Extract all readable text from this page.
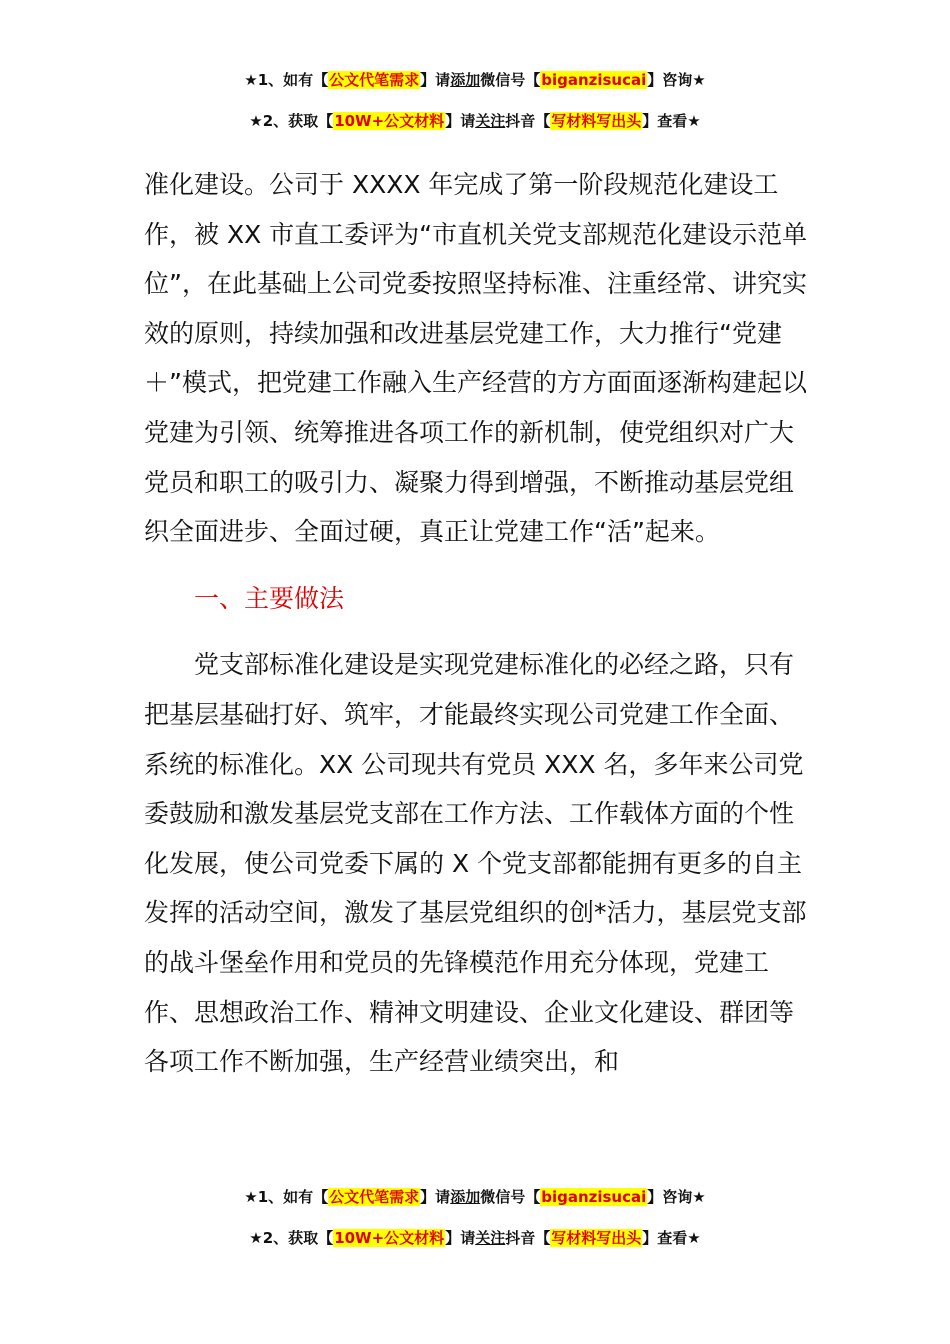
★1、如有【公文代笔需求】请添加微信号【biganzisucai】咨询★
★2、获取【10W+公文材料】请关注抖音【写材料写出头】查看★

准化建设。公司于 XXXX 年完成了第一阶段规范化建设工作，被 XX 市直工委评为“市直机关党支部规范化建设示范单位”，在此基础上公司党委按照坚持标准、注重经常、讲究实效的原则，持续加强和改进基层党建工作，大力推行“党建＋”模式，把党建工作融入生产经营的方方面面逐渐构建起以党建为引领、统筹推进各项工作的新机制，使党组织对广大党员和职工的吸引力、凝聚力得到增强，不断推动基层党组织全面进步、全面过硬，真正让党建工作“活”起来。

一、主要做法

党支部标准化建设是实现党建标准化的必经之路，只有把基层基础打好、筑牢，才能最终实现公司党建工作全面、系统的标准化。XX 公司现共有党员 XXX 名，多年来公司党委鼓励和激发基层党支部在工作方法、工作载体方面的个性化发展，使公司党委下属的 X 个党支部都能拥有更多的自主发挥的活动空间，激发了基层党组织的创*活力，基层党支部的战斗堡垒作用和党员的先锋模范作用充分体现，党建工作、思想政治工作、精神文明建设、企业文化建设、群团等各项工作不断加强，生产经营业绩突出，和

★1、如有【公文代笔需求】请添加微信号【biganzisucai】咨询★
★2、获取【10W+公文材料】请关注抖音【写材料写出头】查看★
